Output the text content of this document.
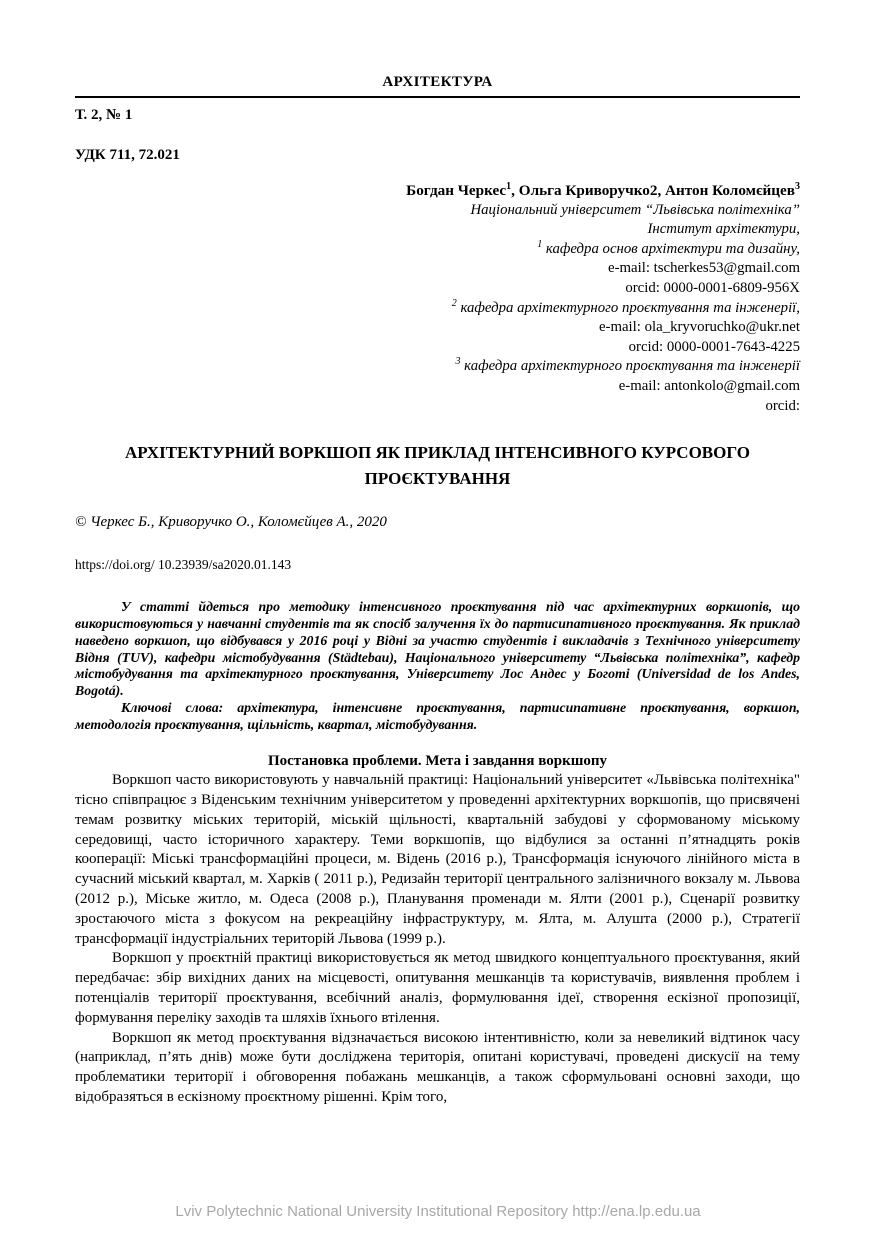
АРХІТЕКТУРА
Т. 2, № 1
УДК 711, 72.021
Богдан Черкес$^1$, Ольга Криворучко2, Антон Коломєйцев$^3$
Національний університет “Львівська політехніка”
Інститут архітектури,
$^1$ кафедра основ архітектури та дизайну,
e-mail: tscherkes53@gmail.com
orcid: 0000-0001-6809-956X
$^2$ кафедра архітектурного проєктування та інженерії,
e-mail: ola_kryvoruchko@ukr.net
orcid: 0000-0001-7643-4225
$^3$ кафедра архітектурного проєктування та інженерії
e-mail: antonkolo@gmail.com
orcid:
АРХІТЕКТУРНИЙ ВОРКШОП ЯК ПРИКЛАД ІНТЕНСИВНОГО КУРСОВОГО ПРОЄКТУВАННЯ
© Черкес Б., Криворучко О., Коломєйцев А., 2020
https://doi.org/ 10.23939/sa2020.01.143

У статті йдеться про методику інтенсивного проєктування під час архітектурних воркшопів, що використовуються у навчанні студентів та як спосіб залучення їх до партисипативного проєктування. Як приклад наведено воркшоп, що відбувався у 2016 році у Відні за участю студентів і викладачів з Технічного університету Відня (TUV), кафедри містобудування (Städtebau), Національного університету “Львівська політехніка”, кафедр містобудування та архітектурного проєктування, Університету Лос Андес у Боготі (Universidad de los Andes, Bogotá).

Ключові слова: архітектура, інтенсивне проєктування, партисипативне проєктування, воркшоп, методологія проєктування, щільність, квартал, містобудування.

Постановка проблеми. Мета і завдання воркшопу

Воркшоп часто використовують у навчальній практиці: Національний університет «Львівська політехніка" тісно співпрацює з Віденським технічним університетом у проведенні архітектурних воркшопів, що присвячені темам розвитку міських територій, міській щільності, квартальній забудові у сформованому міському середовищі, часто історичного характеру. Теми воркшопів, що відбулися за останні п’ятнадцять років кооперації: Міські трансформаційні процеси, м. Відень (2016 р.), Трансформація існуючого лінійного міста в сучасний міський квартал, м. Харків ( 2011 р.), Редизайн території центрального залізничного вокзалу м. Львова (2012 р.), Міське житло, м. Одеса (2008 р.), Планування променади м. Ялти (2001 р.), Сценарії розвитку зростаючого міста з фокусом на рекреаційну інфраструктуру, м. Ялта, м. Алушта (2000 р.), Стратегії трансформації індустріальних територій Львова (1999 р.).

Воркшоп у проєктній практиці використовується як метод швидкого концептуального проєктування, який передбачає: збір вихідних даних на місцевості, опитування мешканців та користувачів, виявлення проблем і потенціалів території проєктування, всебічний аналіз, формулювання ідеї, створення ескізної пропозиції, формування переліку заходів та шляхів їхнього втілення.

Воркшоп як метод проєктування відзначається високою інтентивністю, коли за невеликий відтинок часу (наприклад, п’ять днів) може бути досліджена територія, опитані користувачі, проведені дискусії на тему проблематики території і обговорення побажань мешканців, а також сформульовані основні заходи, що відобразяться в ескізному проєктному рішенні. Крім того,

Lviv Polytechnic National University Institutional Repository http://ena.lp.edu.ua
